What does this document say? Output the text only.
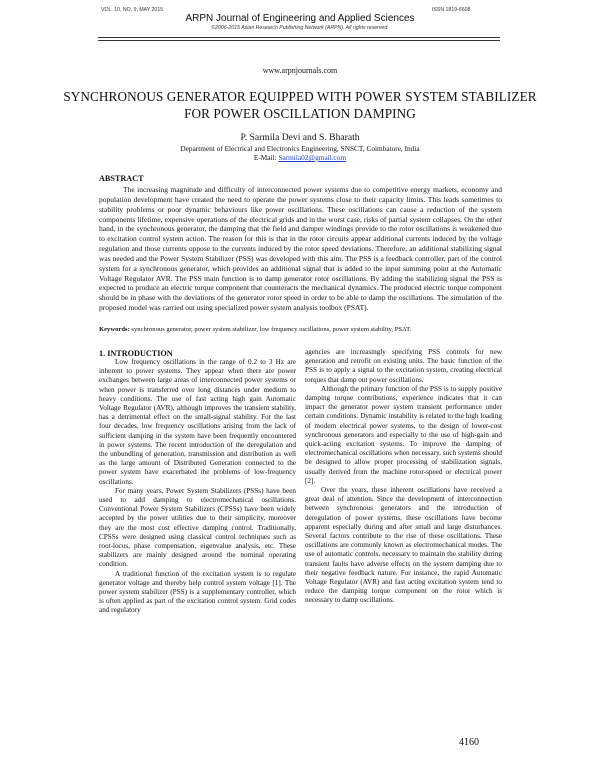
VOL. 10, NO. 9, MAY 2015	ISSN 1819-6608
ARPN Journal of Engineering and Applied Sciences
©2006-2015 Asian Research Publishing Network (ARPN). All rights reserved.
www.arpnjournals.com
SYNCHRONOUS GENERATOR EQUIPPED WITH POWER SYSTEM STABILIZER FOR POWER OSCILLATION DAMPING
P. Sarmila Devi and S. Bharath
Department of Electrical and Electronics Engineering, SNSCT, Coimbatore, India
E-Mail: Sarmila02@gmail.com
ABSTRACT
The increasing magnitude and difficulty of interconnected power systems due to competitive energy markets, economy and population development have created the need to operate the power systems close to their capacity limits. This leads sometimes to stability problems or poor dynamic behaviours like power oscillations. These oscillations can cause a reduction of the system components lifetime, expensive operations of the electrical grids and in the worst case, risks of partial system collapses. On the other hand, in the synchronous generator, the damping that the field and damper windings provide to the rotor oscillations is weakened due to excitation control system action. The reason for this is that in the rotor circuits appear additional currents induced by the voltage regulation and those currents oppose to the currents induced by the rotor speed deviations. Therefore, an additional stabilizing signal was needed and the Power System Stabilizer (PSS) was developed with this aim. The PSS is a feedback controller, part of the control system for a synchronous generator, which provides an additional signal that is added to the input summing point at the Automatic Voltage Regulator AVR. The PSS main function is to damp generator rotor oscillations. By adding the stabilizing signal the PSS is expected to produce an electric torque component that counteracts the mechanical dynamics. The produced electric torque component should be in phase with the deviations of the generator rotor speed in order to be able to damp the oscillations. The simulation of the proposed model was carried out using specialized power system analysis toolbox (PSAT).
Keywords: synchronous generator, power system stabilizer, low frequency oscillations, power system stability, PSAT.
1. INTRODUCTION

Low frequency oscillations in the range of 0.2 to 3 Hz are inherent to power systems. They appear when there are power exchanges between large areas of interconnected power systems or when power is transferred over long distances under medium to heavy conditions. The use of fast acting high gain Automatic Voltage Regulator (AVR), although improves the transient stability, has a detrimental effect on the small-signal stability. For the last four decades, low frequency oscillations arising from the lack of sufficient damping in the system have been frequently encountered in power systems. The recent introduction of the deregulation and the unbundling of generation, transmission and distribution as well as the large amount of Distributed Generation connected to the power system have exacerbated the problems of low-frequency oscillations.

For many years, Power System Stabilizers (PSSs) have been used to add damping to electromechanical oscillations. Conventional Power System Stabilizers (CPSSs) have been widely accepted by the power utilities due to their simplicity, moreover they are the most cost effective damping control. Traditionally, CPSSs were designed using classical control techniques such as root-locus, phase compensation, eigenvalue analysis, etc. These stabilizers are mainly designed around the nominal operating condition.

A traditional function of the excitation system is to regulate generator voltage and thereby help control system voltage [1]. The power system stabilizer (PSS) is a supplementary controller, which is often applied as part of the excitation control system. Grid codes and regulatory

agencies are increasingly specifying PSS controls for new generation and retrofit on existing units. The basic function of the PSS is to apply a signal to the excitation system, creating electrical torques that damp out power oscillations.

Although the primary function of the PSS is to supply positive damping torque contributions, experience indicates that it can impact the generator power system transient performance under certain conditions. Dynamic instability is related to the high loading of modern electrical power systems, to the design of lower-cost synchronous generators and especially to the use of high-gain and quick-acting excitation systems. To improve the damping of electromechanical oscillations when necessary, such systems should be designed to allow proper processing of stabilization signals, usually derived from the machine rotor-speed or electrical power [2].

Over the years, these inherent oscillations have received a great deal of attention. Since the development of interconnection between synchronous generators and the introduction of deregulation of power systems, these oscillations have become apparent especially during and after small and large disturbances. Several factors contribute to the rise of these oscillations. These oscillations are commonly known as electromechanical modes. The use of automatic controls, necessary to maintain the stability during transient faults have adverse effects on the system damping due to their negative feedback nature. For instance, the rapid Automatic Voltage Regulator (AVR) and fast acting excitation system tend to reduce the damping torque component on the rotor which is necessary to damp oscillations.

4160
